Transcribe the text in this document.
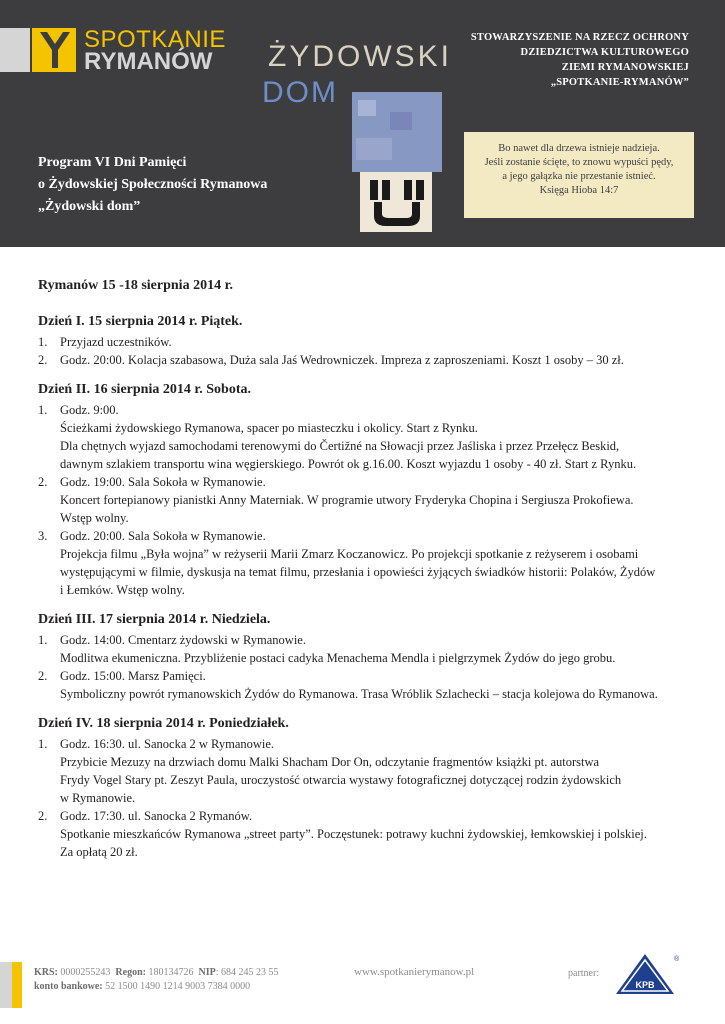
SPOTKANIE
RYMANÓW ŻYDOWSKI
DOM
STOWARZYSZENIE NA RZECZ OCHRONY
DZIEDZICTWA KULTUROWEGO
ZIEMI RYMANOWSKIEJ
„SPOTKANIE-RYMANÓW”
Program VI Dni Pamięci
o Żydowskiej Społeczności Rymanowa
„Żydowski dom”
Bo nawet dla drzewa istnieje nadzieja.
Jeśli zostanie ścięte, to znowu wypuści pędy,
a jego gałązka nie przestanie istnieć.
Księga Hioba 14:7
Rymanów 15 -18 sierpnia 2014 r.
Dzień I. 15 sierpnia 2014 r. Piątek.
1. Przyjazd uczestników.
2. Godz. 20:00. Kolacja szabasowa, Duża sala Jaś Wedrowniczek. Impreza z zaproszeniami. Koszt 1 osoby – 30 zł.
Dzień II. 16 sierpnia 2014 r. Sobota.
1. Godz. 9:00.
Ścieżkami żydowskiego Rymanowa, spacer po miasteczku i okolicy. Start z Rynku.
Dla chętnych wyjazd samochodami terenowymi do Čertižné na Słowacji przez Jaśliska i przez Przełęcz Beskid,
dawnym szlakiem transportu wina węgierskiego. Powrót ok g.16.00. Koszt wyjazdu 1 osoby - 40 zł. Start z Rynku.
2. Godz. 19:00. Sala Sokoła w Rymanowie.
Koncert fortepianowy pianistki Anny Materniak. W programie utwory Fryderyka Chopina i Sergiusza Prokofiewa.
Wstęp wolny.
3. Godz. 20:00. Sala Sokoła w Rymanowie.
Projekcja filmu „Była wojna” w reżyserii Marii Zmarz Koczanowicz. Po projekcji spotkanie z reżyserem i osobami
występującymi w filmie, dyskusja na temat filmu, przesłania i opowieści żyjących świadków historii: Polaków, Żydów
i Łemków. Wstęp wolny.
Dzień III. 17 sierpnia 2014 r. Niedziela.
1. Godz. 14:00. Cmentarz żydowski w Rymanowie.
Modlitwa ekumeniczna. Przybliżenie postaci cadyka Menachema Mendla i pielgrzymek Żydów do jego grobu.
2. Godz. 15:00. Marsz Pamięci.
Symboliczny powrót rymanowskich Żydów do Rymanowa. Trasa Wróblik Szlachecki – stacja kolejowa do Rymanowa.
Dzień IV. 18 sierpnia 2014 r. Poniedziałek.
1. Godz. 16:30. ul. Sanocka 2 w Rymanowie.
Przybicie Mezuzy na drzwiach domu Malki Shacham Dor On, odczytanie fragmentów książki pt. autorstwa
Frydy Vogel Stary pt. Zeszyt Paula, uroczystość otwarcia wystawy fotograficznej dotyczącej rodzin żydowskich
w Rymanowie.
2. Godz. 17:30. ul. Sanocka 2 Rymanów.
Spotkanie mieszkańców Rymanowa „street party”. Poczęstunek: potrawy kuchni żydowskiej, łemkowskiej i polskiej.
Za opłatą 20 zł.
KRS: 0000255243 Regon: 180134726 NIP: 684 245 23 55
konto bankowe: 52 1500 1490 1214 9003 7384 0000
www.spotkanierymanow.pl	partner:
KPB
®
